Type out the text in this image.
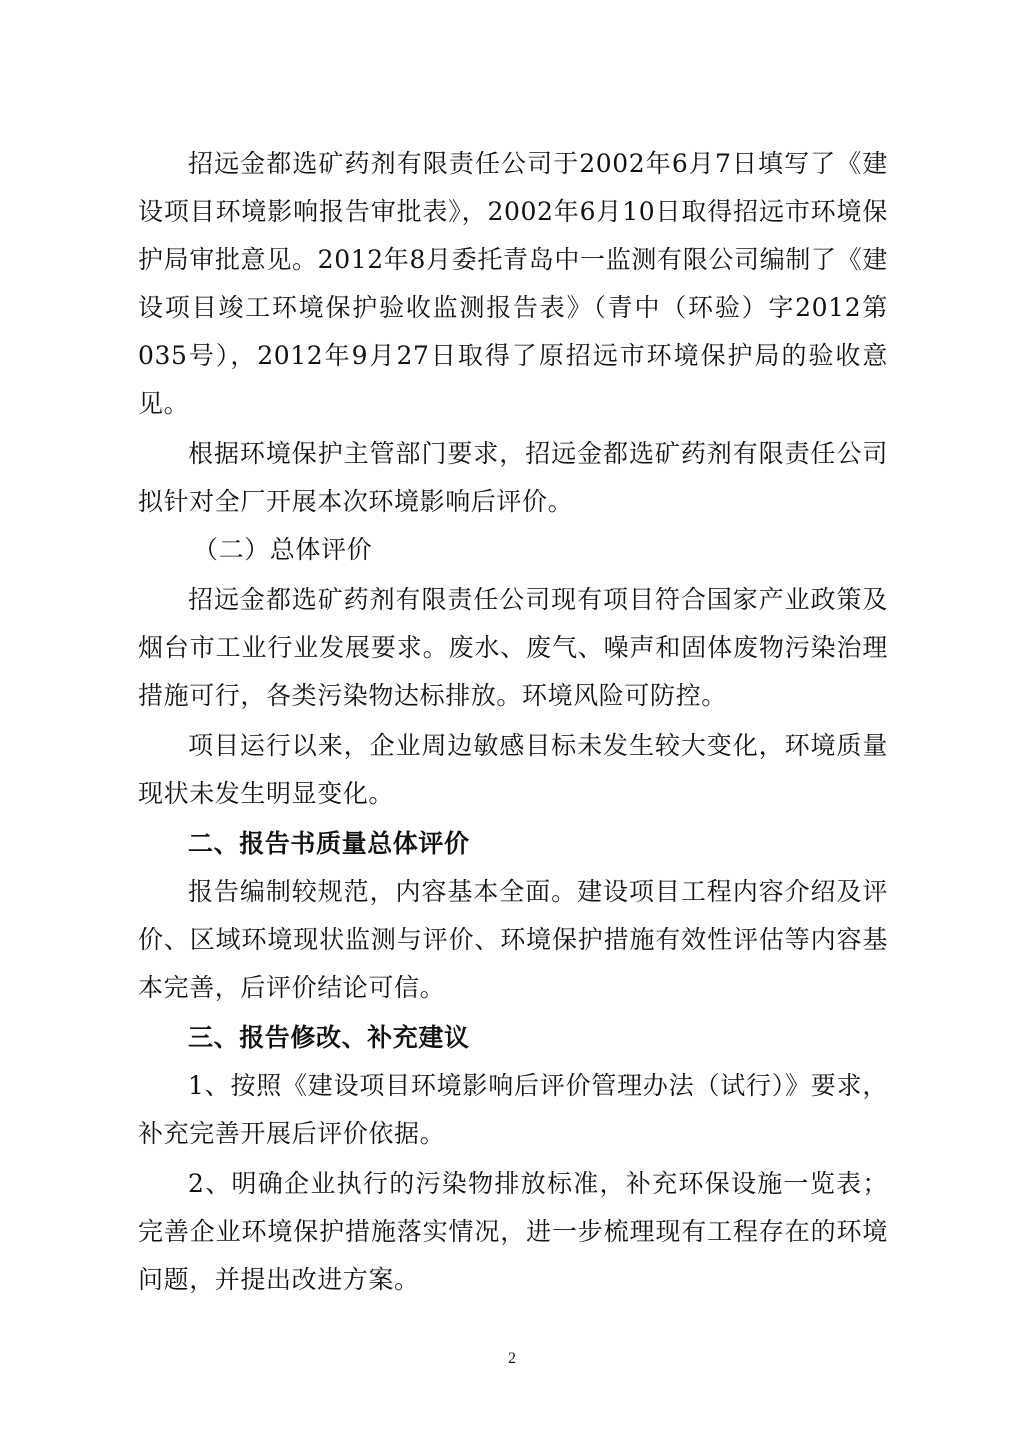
招远金都选矿药剂有限责任公司于2002年6月7日填写了《建设项目环境影响报告审批表》，2002年6月10日取得招远市环境保护局审批意见。2012年8月委托青岛中一监测有限公司编制了《建设项目竣工环境保护验收监测报告表》（青中（环验）字2012第035号），2012年9月27日取得了原招远市环境保护局的验收意见。

根据环境保护主管部门要求，招远金都选矿药剂有限责任公司拟针对全厂开展本次环境影响后评价。

（二）总体评价

招远金都选矿药剂有限责任公司现有项目符合国家产业政策及烟台市工业行业发展要求。废水、废气、噪声和固体废物污染治理措施可行，各类污染物达标排放。环境风险可防控。

项目运行以来，企业周边敏感目标未发生较大变化，环境质量现状未发生明显变化。

二、报告书质量总体评价

报告编制较规范，内容基本全面。建设项目工程内容介绍及评价、区域环境现状监测与评价、环境保护措施有效性评估等内容基本完善，后评价结论可信。

三、报告修改、补充建议

1、按照《建设项目环境影响后评价管理办法（试行）》要求，补充完善开展后评价依据。

2、明确企业执行的污染物排放标准，补充环保设施一览表；完善企业环境保护措施落实情况，进一步梳理现有工程存在的环境问题，并提出改进方案。

2
